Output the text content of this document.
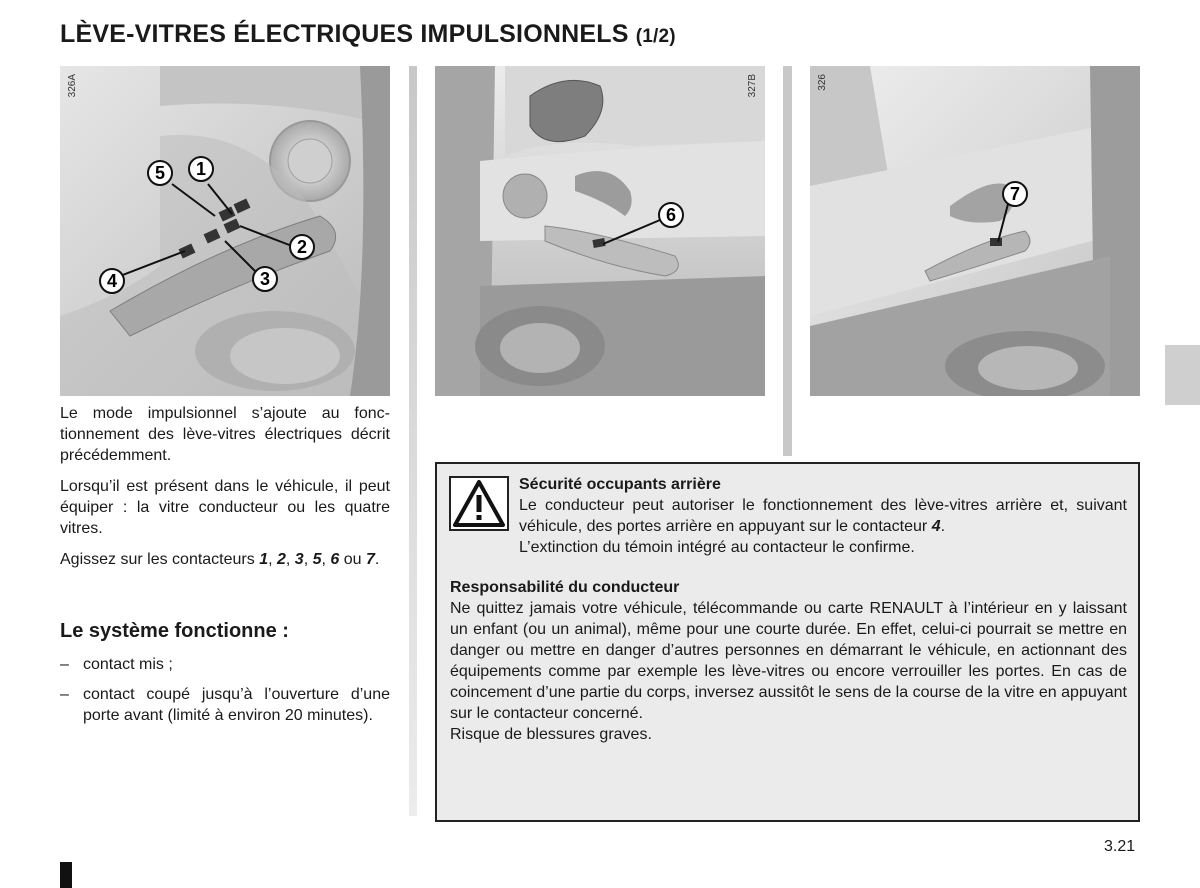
LÈVE-VITRES ÉLECTRIQUES IMPULSIONNELS (1/2)
5 1
2
3
4
326A
6
327B
7
326

Le mode impulsionnel s’ajoute au fonc-tionnement des lève-vitres électriques décrit précédemment.

Lorsqu’il est présent dans le véhicule, il peut équiper : la vitre conducteur ou les quatre vitres.

Agissez sur les contacteurs 1, 2, 3, 5, 6 ou 7.

Le système fonctionne :
– contact mis ;
– contact coupé jusqu’à l’ouverture d’une porte avant (limité à environ 20 minutes).
Sécurité occupants arrière
Le conducteur peut autoriser le fonctionnement des lève-vitres arrière et, suivant véhicule, des portes arrière en appuyant sur le contacteur 4.
L’extinction du témoin intégré au contacteur le confirme.
Responsabilité du conducteur
Ne quittez jamais votre véhicule, télécommande ou carte RENAULT à l’intérieur en y laissant un enfant (ou un animal), même pour une courte durée. En effet, celui-ci pourrait se mettre en danger ou mettre en danger d’autres personnes en démarrant le véhicule, en actionnant des équipements comme par exemple les lève-vitres ou encore verrouiller les portes. En cas de coincement d’une partie du corps, inversez aussitôt le sens de la course de la vitre en appuyant sur le contacteur concerné.
Risque de blessures graves.
3.21
